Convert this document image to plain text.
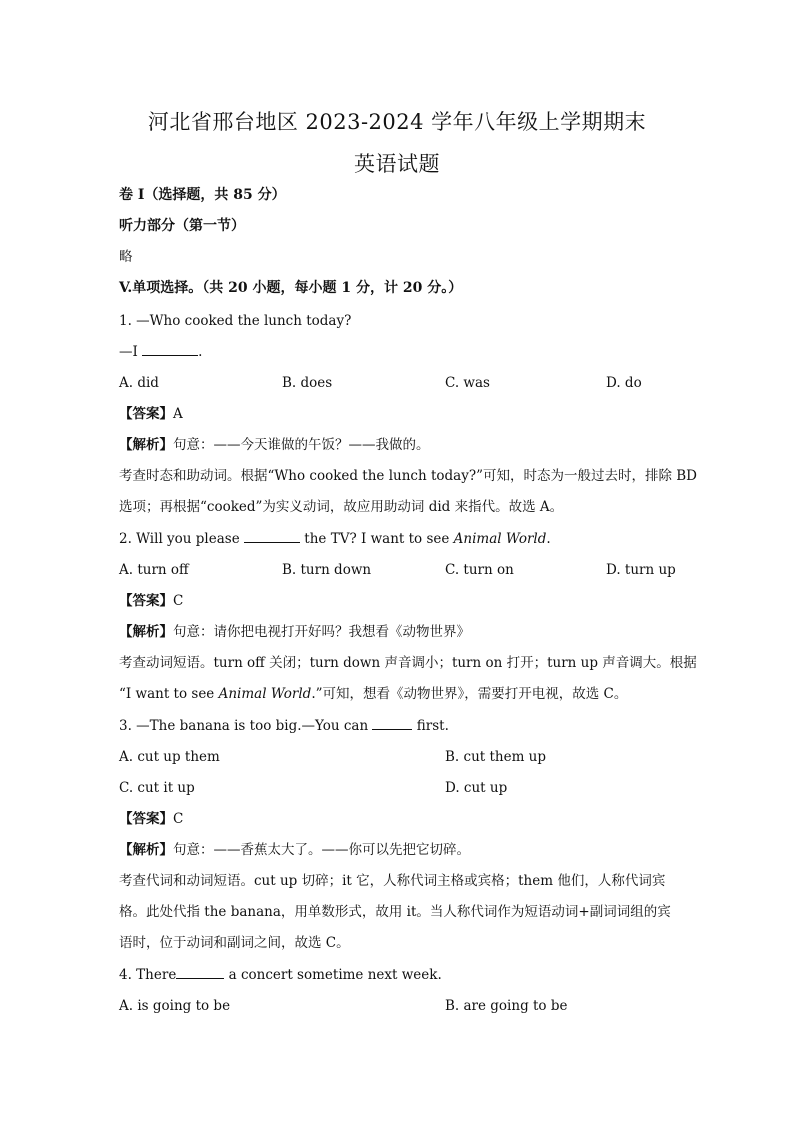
河北省邢台地区 2023-2024 学年八年级上学期期末
英语试题
卷 I（选择题，共 85 分）
听力部分（第一节）
略
V.单项选择。（共 20 小题，每小题 1 分，计 20 分。）
1. —Who cooked the lunch today?
—I	.
A. did	B. does	C. was	D. do
【答案】A
【解析】句意：——今天谁做的午饭？——我做的。
考查时态和助动词。根据“Who cooked the lunch today?”可知，时态为一般过去时，排除 BD
选项；再根据“cooked”为实义动词，故应用助动词 did 来指代。故选 A。
2. Will you please	the TV? I want to see Animal World.
A. turn off	B. turn down	C. turn on	D. turn up
【答案】C
【解析】句意：请你把电视打开好吗？我想看《动物世界》
考查动词短语。turn off 关闭；turn down 声音调小；turn on 打开；turn up 声音调大。根据
“I want to see Animal World.”可知，想看《动物世界》，需要打开电视，故选 C。
3. —The banana is too big.—You can	first.
A. cut up them	B. cut them up
C. cut it up	D. cut up
【答案】C
【解析】句意：——香蕉太大了。——你可以先把它切碎。
考查代词和动词短语。cut up 切碎；it 它，人称代词主格或宾格；them 他们，人称代词宾
格。此处代指 the banana，用单数形式，故用 it。当人称代词作为短语动词+副词词组的宾
语时，位于动词和副词之间，故选 C。
4. There	a concert sometime next week.
A. is going to be	B. are going to be
